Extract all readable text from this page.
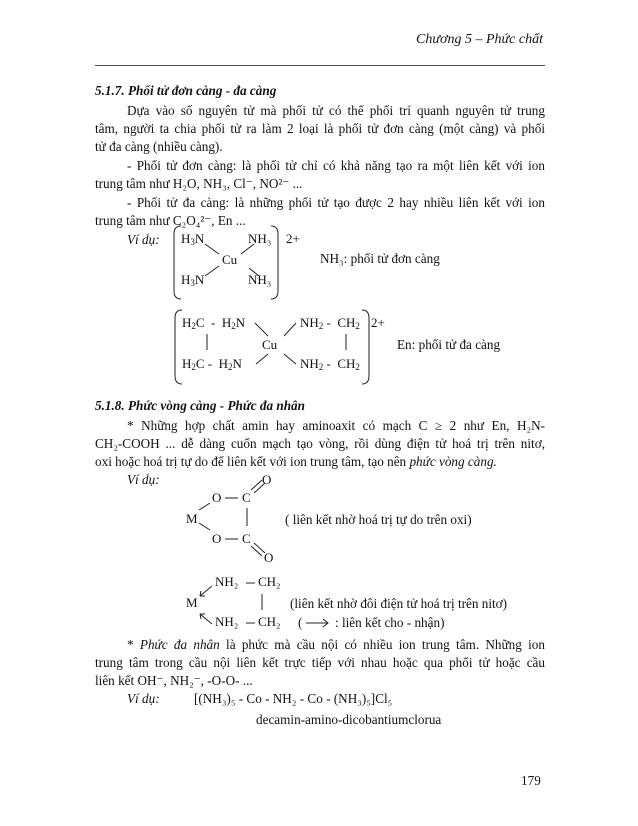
Chương 5 – Phức chất
5.1.7. Phối tử đơn càng - đa càng
Dựa vào số nguyên tử mà phối tử có thể phối trí quanh nguyên tử trung
tâm, người ta chia phối tử ra làm 2 loại là phối tử đơn càng (một càng) và phối
tử đa càng (nhiều càng).
- Phối tử đơn càng: là phối tử chỉ có khả năng tạo ra một liên kết với ion
trung tâm như H₂O, NH₃, Cl⁻, NO²⁻ ...
- Phối tử đa càng: là những phối tử tạo được 2 hay nhiều liên kết với ion
trung tâm như C₂O₄²⁻, En ...
Ví dụ: $H_3N$	NH₃ 2+
Cu
$H_3N$	NH₃
NH₃: phối tử đơn càng
$H_2C - H_2N$	$NH_2 - CH_2$ 2+
Cu
$H_2C - H_2N$	$NH_2 - CH_2$
En: phối tử đa càng
5.1.8. Phức vòng càng - Phức đa nhân
* Những hợp chất amin hay aminoaxit có mạch C ≥ 2 như En, H₂N-
CH₂-COOH ... dễ dàng cuốn mạch tạo vòng, rồi dùng điện tử hoá trị trên nitơ,
oxi hoặc hoá trị tự do để liên kết với ion trung tâm, tạo nên phức vòng càng.
Ví dụ:	O
O C
M	( liên kết nhờ hoá trị tự do trên oxi)
O C
O
NH₂ CH₂
M	(liên kết nhờ đôi điện tử hoá trị trên nitơ)
NH₂ CH₂ ( : liên kết cho - nhận)
* Phức đa nhân là phức mà cầu nội có nhiều ion trung tâm. Những ion
trung tâm trong cầu nội liên kết trực tiếp với nhau hoặc qua phối tử hoặc cầu
liên kết OH⁻, NH₂⁻, -O-O- ...
Ví dụ:	[(NH₃)₅ - Co - NH₂ - Co - (NH₃)₅]Cl₅
decamin-amino-dicobantiumclorua
179
